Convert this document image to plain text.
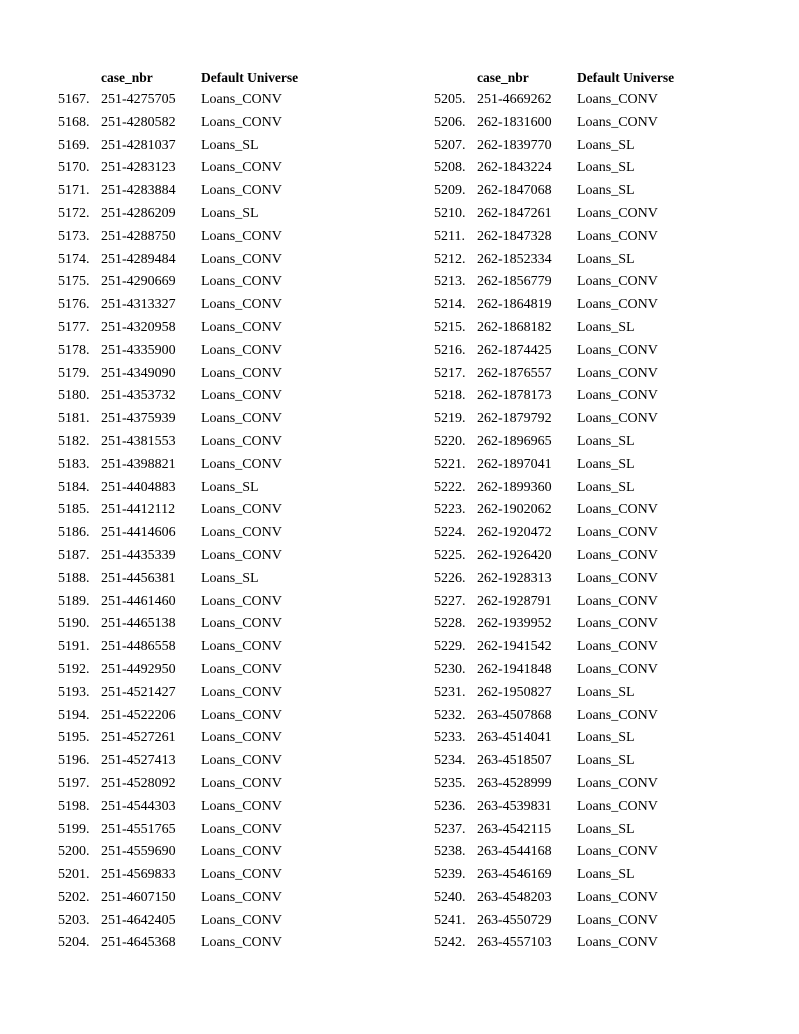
case_nbr	Default Universe
5167. 251-4275705 Loans_CONV
5168. 251-4280582 Loans_CONV
5169. 251-4281037 Loans_SL
5170. 251-4283123 Loans_CONV
5171. 251-4283884 Loans_CONV
5172. 251-4286209 Loans_SL
5173. 251-4288750 Loans_CONV
5174. 251-4289484 Loans_CONV
5175. 251-4290669 Loans_CONV
5176. 251-4313327 Loans_CONV
5177. 251-4320958 Loans_CONV
5178. 251-4335900 Loans_CONV
5179. 251-4349090 Loans_CONV
5180. 251-4353732 Loans_CONV
5181. 251-4375939 Loans_CONV
5182. 251-4381553 Loans_CONV
5183. 251-4398821 Loans_CONV
5184. 251-4404883 Loans_SL
5185. 251-4412112 Loans_CONV
5186. 251-4414606 Loans_CONV
5187. 251-4435339 Loans_CONV
5188. 251-4456381 Loans_SL
5189. 251-4461460 Loans_CONV
5190. 251-4465138 Loans_CONV
5191. 251-4486558 Loans_CONV
5192. 251-4492950 Loans_CONV
5193. 251-4521427 Loans_CONV
5194. 251-4522206 Loans_CONV
5195. 251-4527261 Loans_CONV
5196. 251-4527413 Loans_CONV
5197. 251-4528092 Loans_CONV
5198. 251-4544303 Loans_CONV
5199. 251-4551765 Loans_CONV
5200. 251-4559690 Loans_CONV
5201. 251-4569833 Loans_CONV
5202. 251-4607150 Loans_CONV
5203. 251-4642405 Loans_CONV
5204. 251-4645368 Loans_CONV
case_nbr	Default Universe
5205. 251-4669262 Loans_CONV
5206. 262-1831600 Loans_CONV
5207. 262-1839770 Loans_SL
5208. 262-1843224 Loans_SL
5209. 262-1847068 Loans_SL
5210. 262-1847261 Loans_CONV
5211. 262-1847328 Loans_CONV
5212. 262-1852334 Loans_SL
5213. 262-1856779 Loans_CONV
5214. 262-1864819 Loans_CONV
5215. 262-1868182 Loans_SL
5216. 262-1874425 Loans_CONV
5217. 262-1876557 Loans_CONV
5218. 262-1878173 Loans_CONV
5219. 262-1879792 Loans_CONV
5220. 262-1896965 Loans_SL
5221. 262-1897041 Loans_SL
5222. 262-1899360 Loans_SL
5223. 262-1902062 Loans_CONV
5224. 262-1920472 Loans_CONV
5225. 262-1926420 Loans_CONV
5226. 262-1928313 Loans_CONV
5227. 262-1928791 Loans_CONV
5228. 262-1939952 Loans_CONV
5229. 262-1941542 Loans_CONV
5230. 262-1941848 Loans_CONV
5231. 262-1950827 Loans_SL
5232. 263-4507868 Loans_CONV
5233. 263-4514041 Loans_SL
5234. 263-4518507 Loans_SL
5235. 263-4528999 Loans_CONV
5236. 263-4539831 Loans_CONV
5237. 263-4542115 Loans_SL
5238. 263-4544168 Loans_CONV
5239. 263-4546169 Loans_SL
5240. 263-4548203 Loans_CONV
5241. 263-4550729 Loans_CONV
5242. 263-4557103 Loans_CONV
